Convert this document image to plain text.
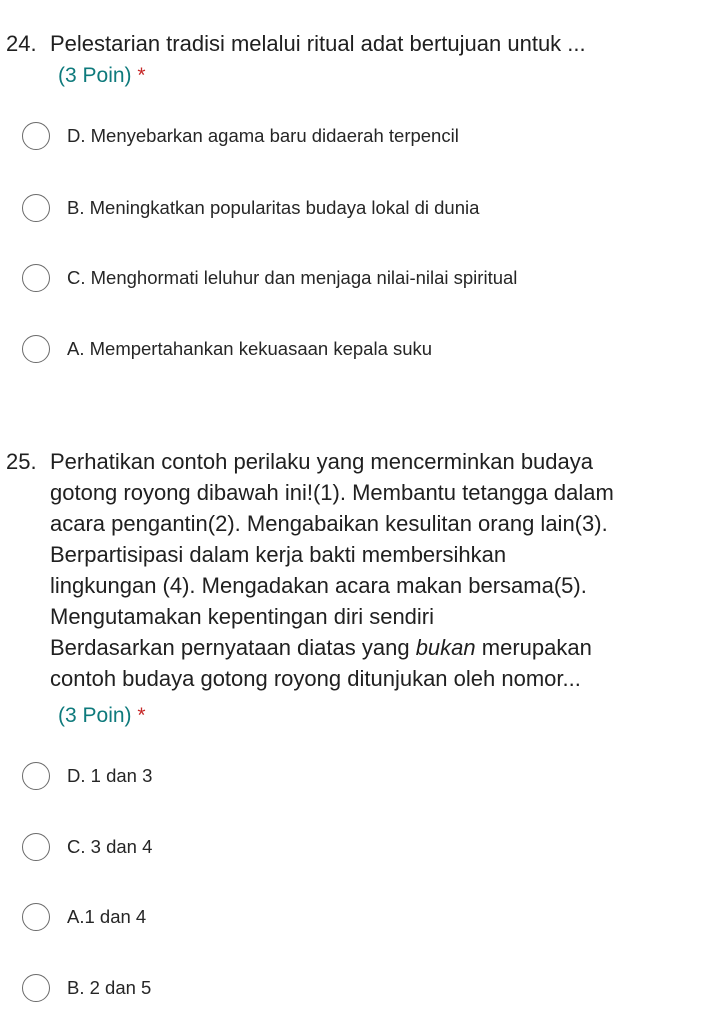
24. Pelestarian tradisi melalui ritual adat bertujuan untuk ...
(3 Poin) *
D. Menyebarkan agama baru didaerah terpencil
B. Meningkatkan popularitas budaya lokal di dunia
C. Menghormati leluhur dan menjaga nilai-nilai spiritual
A. Mempertahankan kekuasaan kepala suku
25. Perhatikan contoh perilaku yang mencerminkan budaya
gotong royong dibawah ini!(1). Membantu tetangga dalam
acara pengantin(2). Mengabaikan kesulitan orang lain(3).
Berpartisipasi dalam kerja bakti membersihkan
lingkungan (4). Mengadakan acara makan bersama(5).
Mengutamakan kepentingan diri sendiri
Berdasarkan pernyataan diatas yang bukan merupakan
contoh budaya gotong royong ditunjukan oleh nomor...
(3 Poin) *
D. 1 dan 3
C. 3 dan 4
A.1 dan 4
B. 2 dan 5
